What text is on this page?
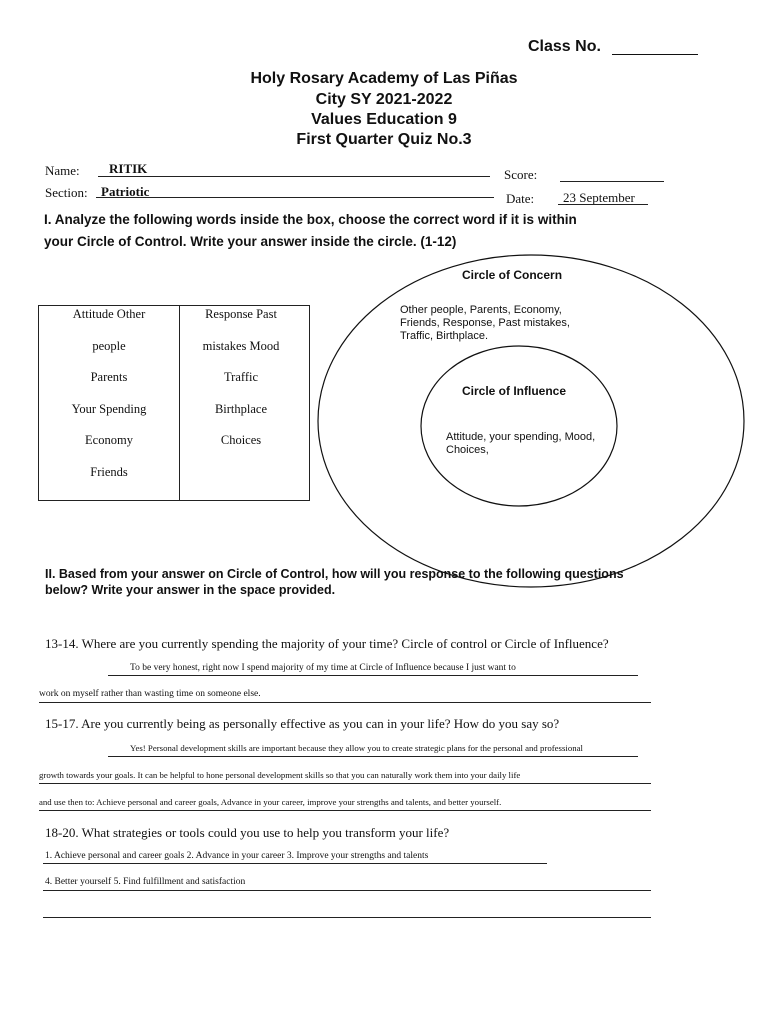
Class No.
Holy Rosary Academy of Las Piñas
City SY 2021-2022
Values Education 9
First Quarter Quiz No.3
Name: RITIK	Score:
Section: Patriotic	Date: 23 September
I. Analyze the following words inside the box, choose the correct word if it is within
your Circle of Control. Write your answer inside the circle. (1-12)
Attitude Other
people
Parents
Your Spending
Economy
Friends
Response Past
mistakes Mood
Traffic
Birthplace
Choices
Circle of Concern
Other people, Parents, Economy,
Friends, Response, Past mistakes,
Traffic, Birthplace.
Circle of Influence
Attitude, your spending, Mood,
Choices,
II. Based from your answer on Circle of Control, how will you response to the following questions
below? Write your answer in the space provided.
13-14. Where are you currently spending the majority of your time? Circle of control or Circle of Influence?
To be very honest, right now I spend majority of my time at Circle of Influence because I just want to
work on myself rather than wasting time on someone else.
15-17. Are you currently being as personally effective as you can in your life? How do you say so?
Yes! Personal development skills are important because they allow you to create strategic plans for the personal and professional
growth towards your goals. It can be helpful to hone personal development skills so that you can naturally work them into your daily life
and use then to: Achieve personal and career goals, Advance in your career, improve your strengths and talents, and better yourself.
18-20. What strategies or tools could you use to help you transform your life?
1. Achieve personal and career goals 2. Advance in your career 3. Improve your strengths and talents
4. Better yourself 5. Find fulfillment and satisfaction
